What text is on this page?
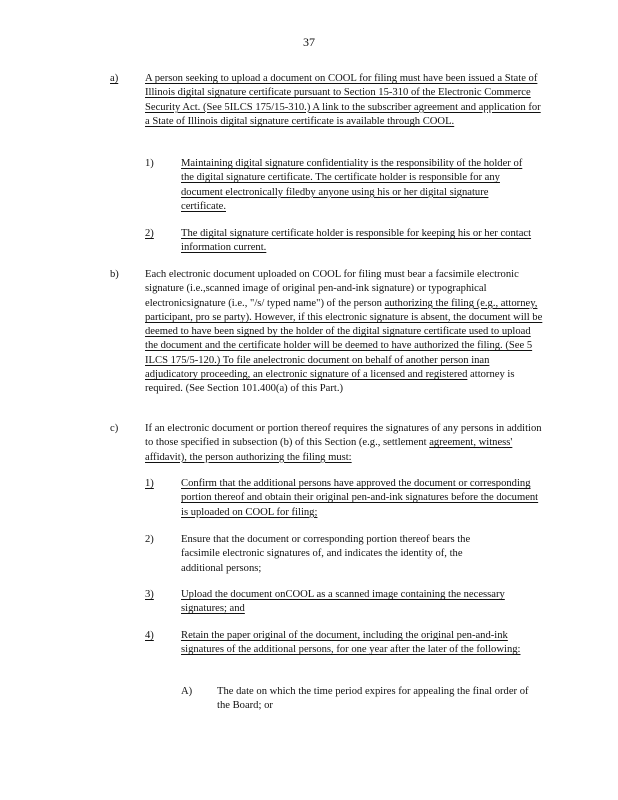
37
a)	A person seeking to upload a document on COOL for filing must have been issued a State of Illinois digital signature certificate pursuant to Section 15-310 of the Electronic Commerce Security Act. (See 5ILCS 175/15-310.) A link to the subscriber agreement and application for a State of Illinois digital signature certificate is available through COOL.
1)	Maintaining digital signature confidentiality is the responsibility of the holder of the digital signature certificate. The certificate holder is responsible for any document electronically filedby anyone using his or her digital signature certificate.
2)	The digital signature certificate holder is responsible for keeping his or her contact information current.
b) Each electronic document uploaded on COOL for filing must bear a facsimile electronic signature (i.e.,scanned image of original pen-and-ink signature) or typographical electronicsignature (i.e., "/s/ typed name") of the person authorizing the filing (e.g., attorney, participant, pro se party). However, if this electronic signature is absent, the document will be deemed to have been signed by the holder of the digital signature certificate used to upload the document and the certificate holder will be deemed to have authorized the filing. (See 5 ILCS 175/5-120.) To file anelectronic document on behalf of another person inan adjudicatory proceeding, an electronic signature of a licensed and registered attorney is required. (See Section 101.400(a) of this Part.)
c)	If an electronic document or portion thereof requires the signatures of any persons in addition to those specified in subsection (b) of this Section (e.g., settlement agreement, witness' affidavit), the person authorizing the filing must:
1)	Confirm that the additional persons have approved the document or corresponding portion thereof and obtain their original pen-and-ink signatures before the document is uploaded on COOL for filing;
2)	Ensure that the document or corresponding portion thereof bears the facsimile electronic signatures of, and indicates the identity of, the additional persons;
3)	Upload the document onCOOL as a scanned image containing the necessary signatures; and
4)	Retain the paper original of the document, including the original pen-and-ink signatures of the additional persons, for one year after the later of the following:
A) The date on which the time period expires for appealing the final order of the Board; or
